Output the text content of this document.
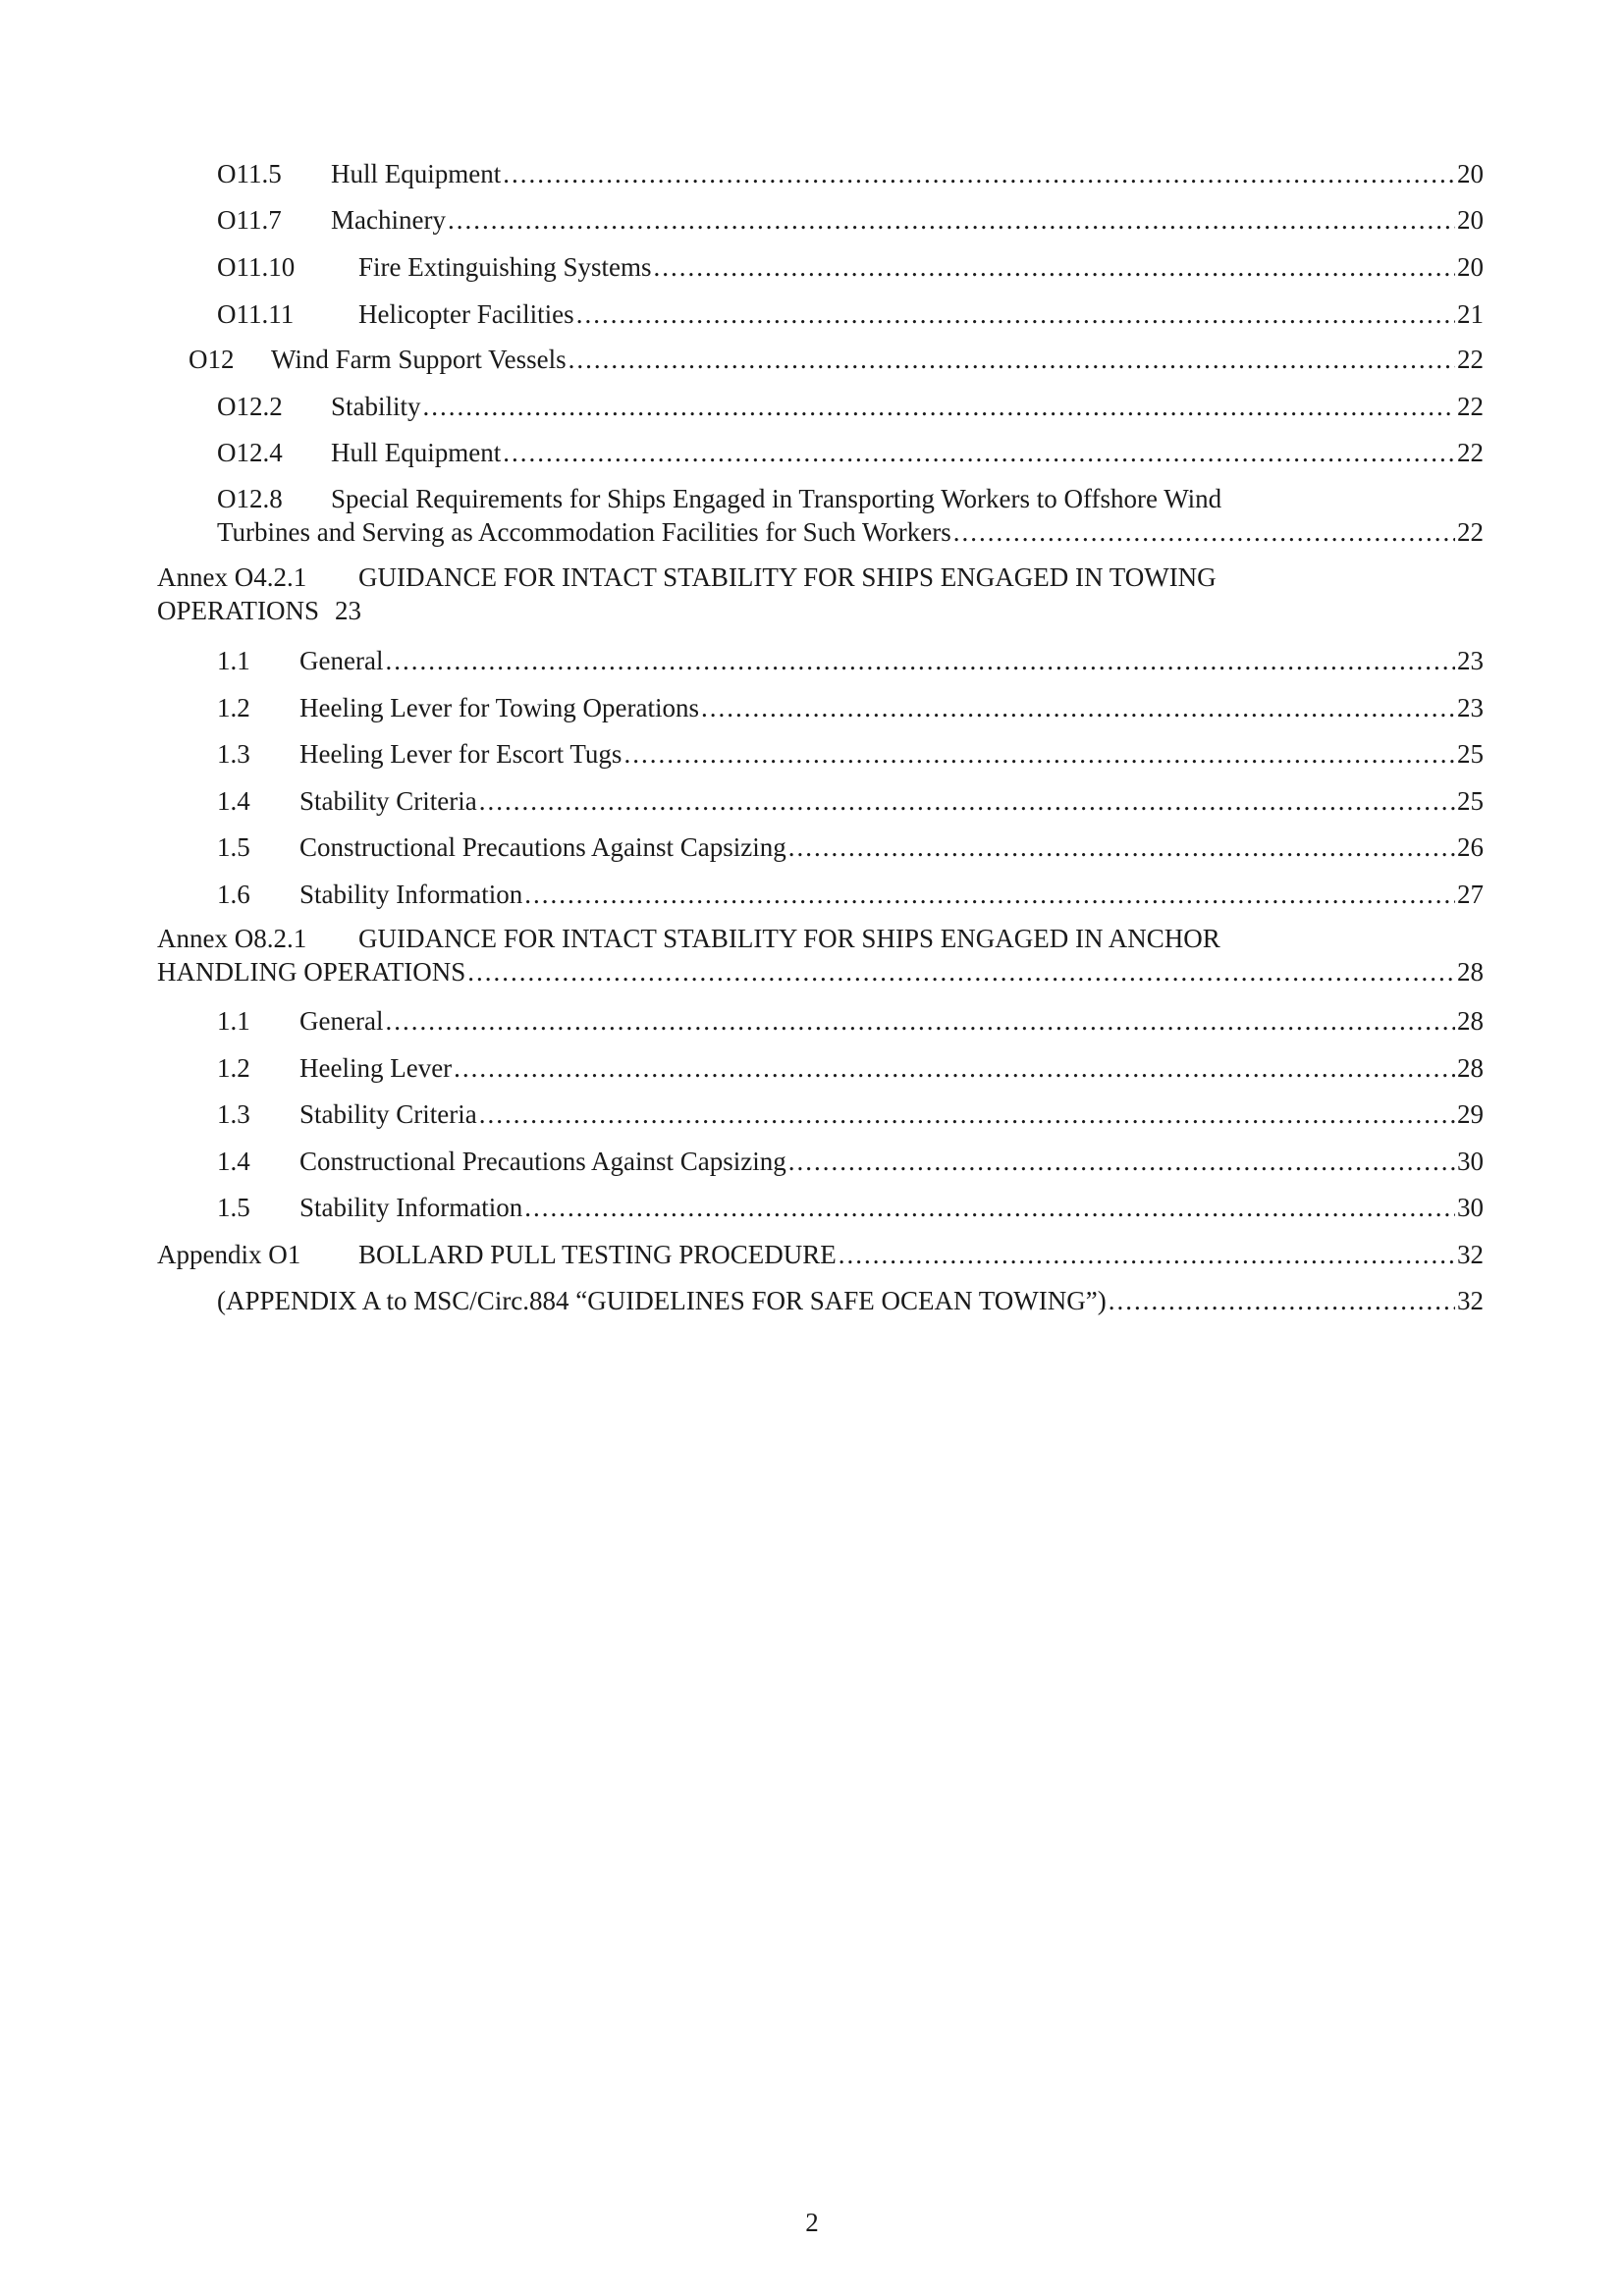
O11.5	Hull Equipment .....	20
O11.7	Machinery .....	20
O11.10	Fire Extinguishing Systems .....	20
O11.11	Helicopter Facilities .....	21
O12	Wind Farm Support Vessels .....	22
O12.2	Stability .....	22
O12.4	Hull Equipment .....	22
O12.8 Special Requirements for Ships Engaged in Transporting Workers to Offshore Wind
Turbines and Serving as Accommodation Facilities for Such Workers .....	22
Annex O4.2.1 GUIDANCE FOR INTACT STABILITY FOR SHIPS ENGAGED IN TOWING
OPERATIONS 23
1.1	General .....	23
1.2	Heeling Lever for Towing Operations .....	23
1.3	Heeling Lever for Escort Tugs .....	25
1.4	Stability Criteria .....	25
1.5	Constructional Precautions Against Capsizing .....	26
1.6	Stability Information .....	27
Annex O8.2.1 GUIDANCE FOR INTACT STABILITY FOR SHIPS ENGAGED IN ANCHOR
HANDLING OPERATIONS .....	28
1.1	General .....	28
1.2	Heeling Lever .....	28
1.3	Stability Criteria .....	29
1.4	Constructional Precautions Against Capsizing .....	30
1.5	Stability Information .....	30
Appendix O1	BOLLARD PULL TESTING PROCEDURE .....	32
(APPENDIX A to MSC/Circ.884 “GUIDELINES FOR SAFE OCEAN TOWING”) .....	32
2
